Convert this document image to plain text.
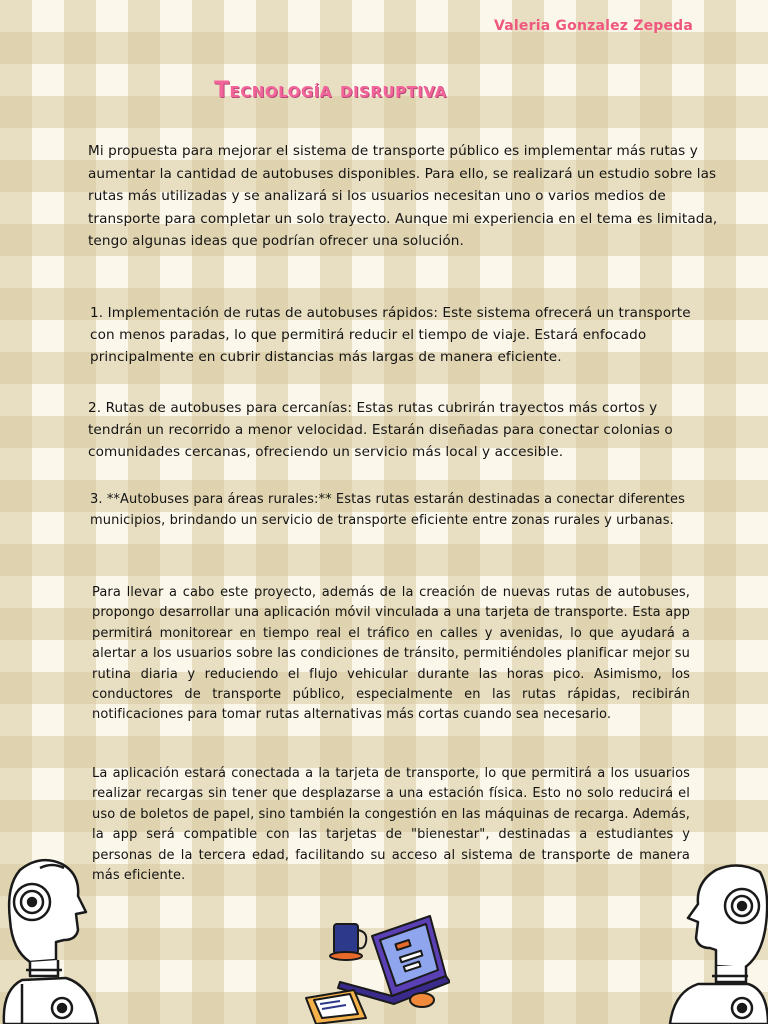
Valeria Gonzalez Zepeda
Tecnología disruptiva

Mi propuesta para mejorar el sistema de transporte público es implementar más rutas y aumentar la cantidad de autobuses disponibles. Para ello, se realizará un estudio sobre las rutas más utilizadas y se analizará si los usuarios necesitan uno o varios medios de transporte para completar un solo trayecto. Aunque mi experiencia en el tema es limitada, tengo algunas ideas que podrían ofrecer una solución.

1. Implementación de rutas de autobuses rápidos: Este sistema ofrecerá un transporte con menos paradas, lo que permitirá reducir el tiempo de viaje. Estará enfocado principalmente en cubrir distancias más largas de manera eficiente.

2. Rutas de autobuses para cercanías: Estas rutas cubrirán trayectos más cortos y tendrán un recorrido a menor velocidad. Estarán diseñadas para conectar colonias o comunidades cercanas, ofreciendo un servicio más local y accesible.

3. **Autobuses para áreas rurales:** Estas rutas estarán destinadas a conectar diferentes municipios, brindando un servicio de transporte eficiente entre zonas rurales y urbanas.

Para llevar a cabo este proyecto, además de la creación de nuevas rutas de autobuses, propongo desarrollar una aplicación móvil vinculada a una tarjeta de transporte. Esta app permitirá monitorear en tiempo real el tráfico en calles y avenidas, lo que ayudará a alertar a los usuarios sobre las condiciones de tránsito, permitiéndoles planificar mejor su rutina diaria y reduciendo el flujo vehicular durante las horas pico. Asimismo, los conductores de transporte público, especialmente en las rutas rápidas, recibirán notificaciones para tomar rutas alternativas más cortas cuando sea necesario.

La aplicación estará conectada a la tarjeta de transporte, lo que permitirá a los usuarios realizar recargas sin tener que desplazarse a una estación física. Esto no solo reducirá el uso de boletos de papel, sino también la congestión en las máquinas de recarga. Además, la app será compatible con las tarjetas de "bienestar", destinadas a estudiantes y personas de la tercera edad, facilitando su acceso al sistema de transporte de manera más eficiente.
